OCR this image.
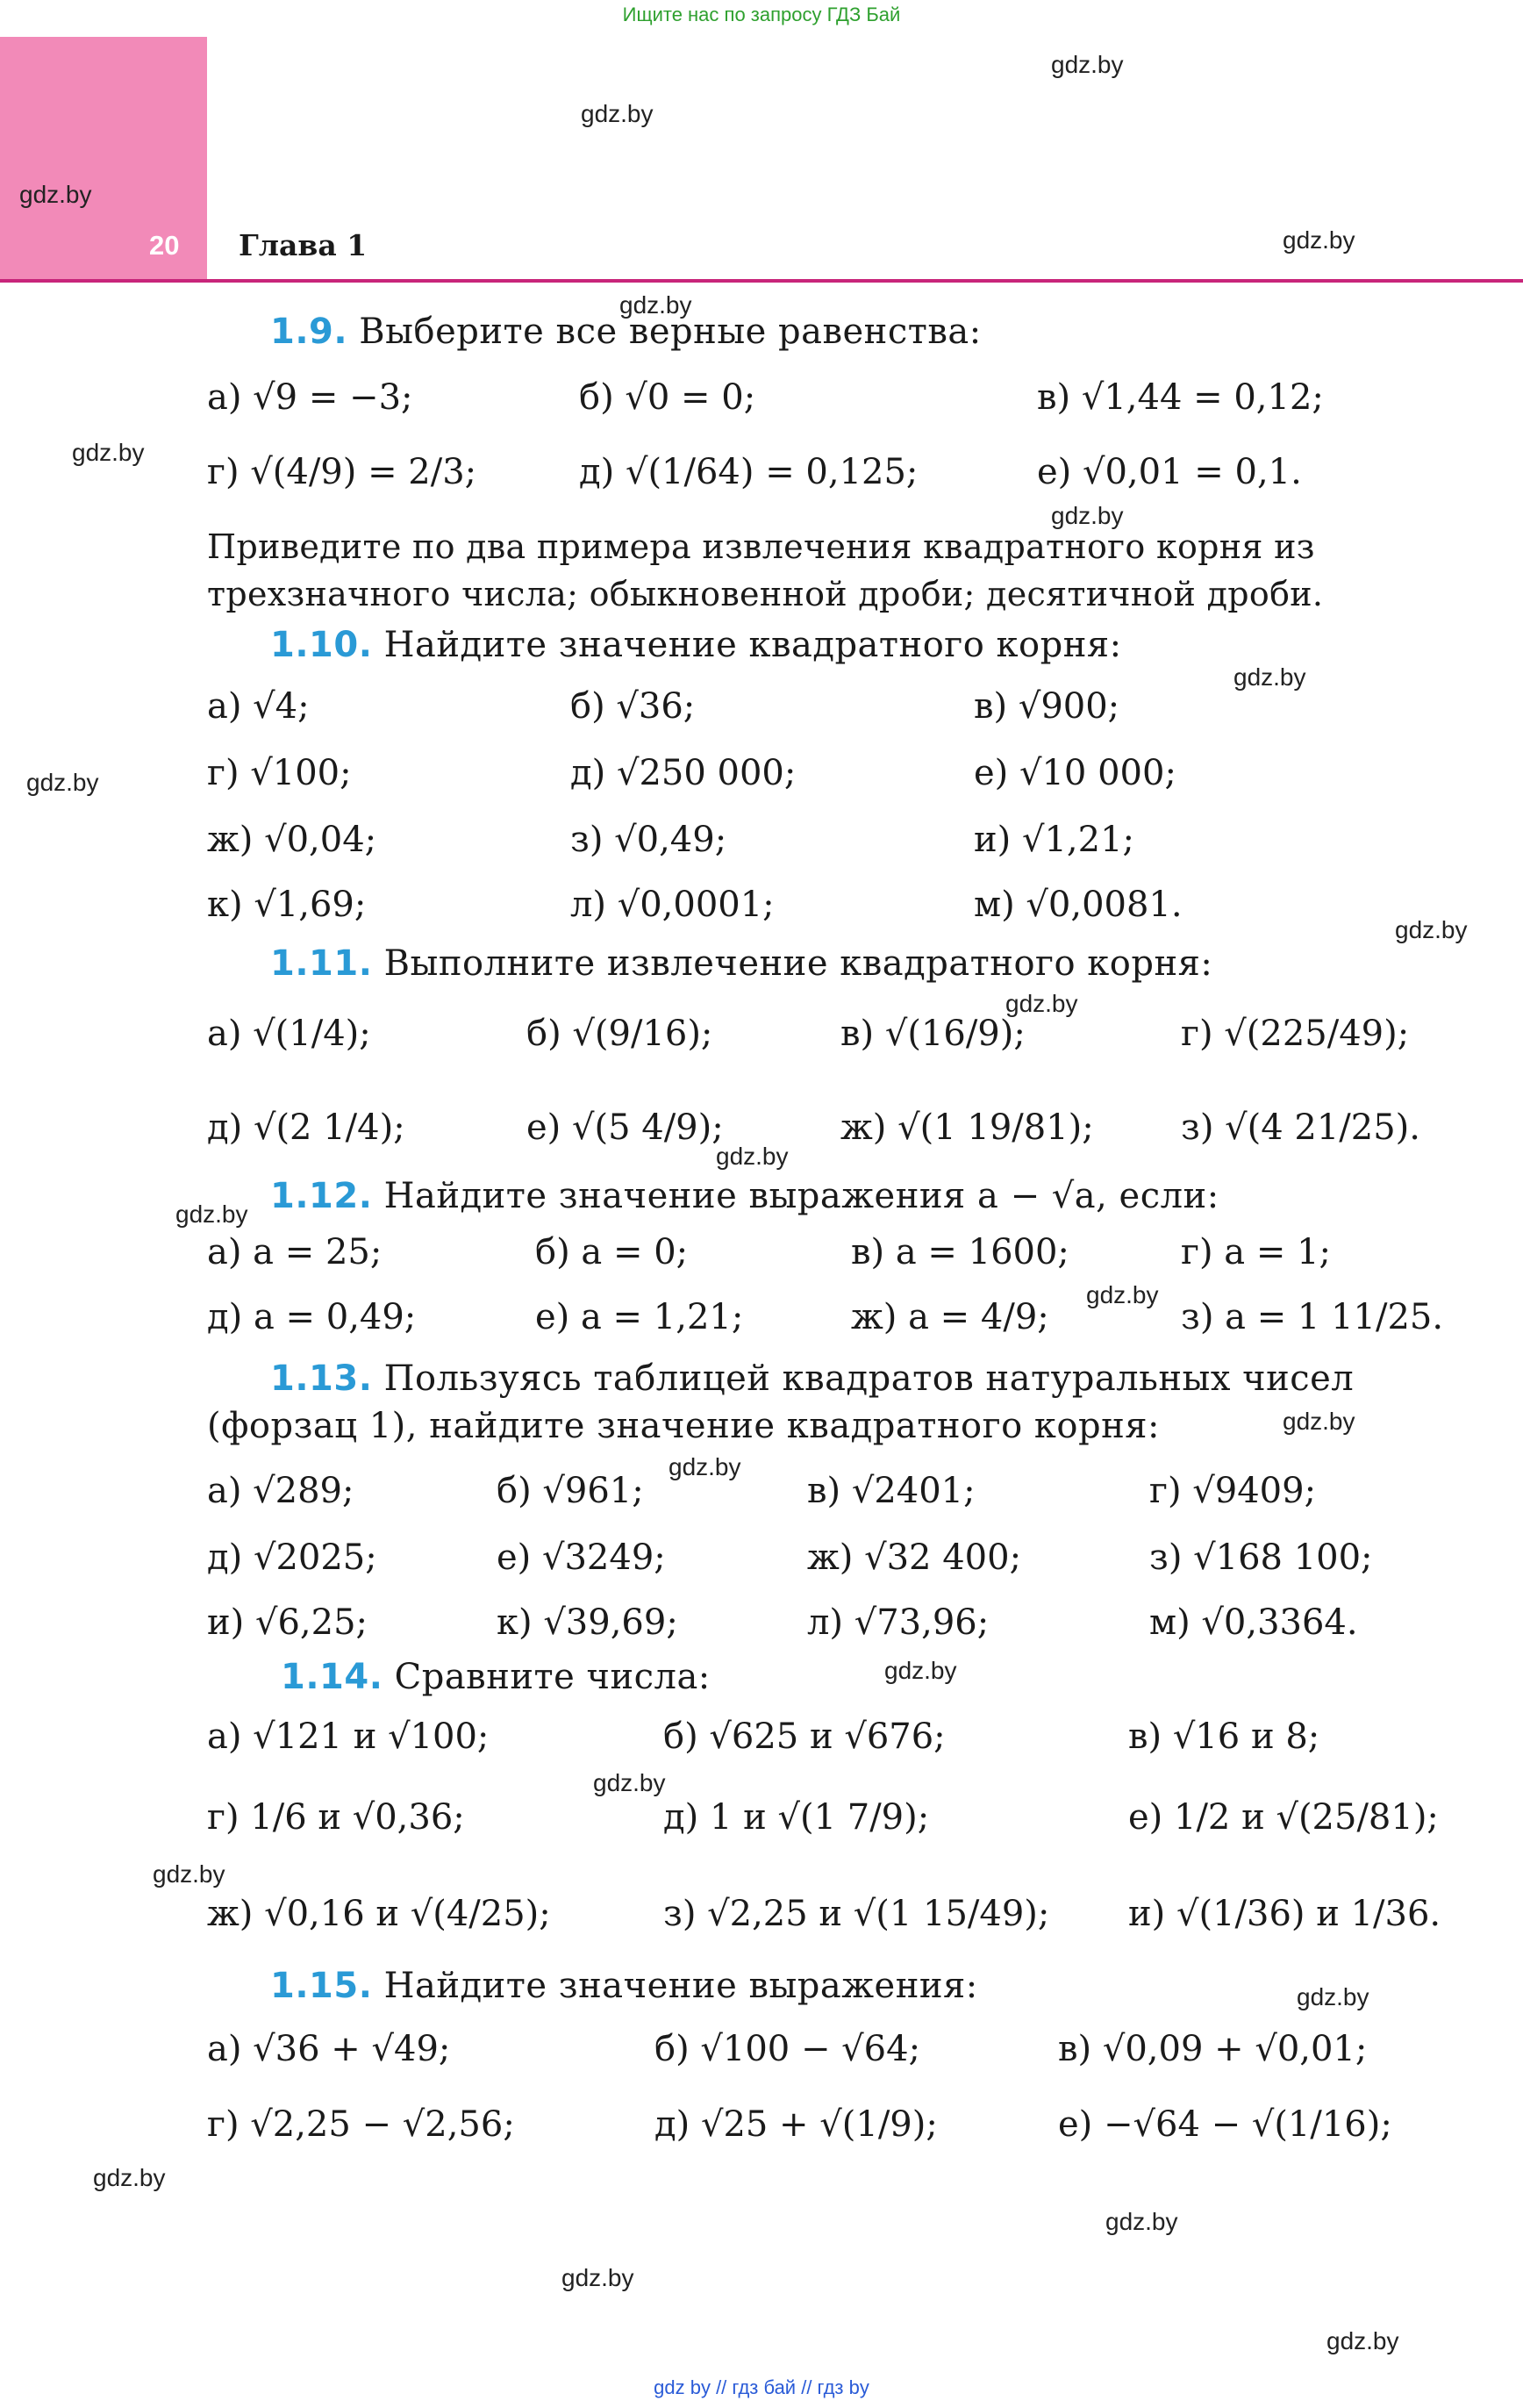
Ищите нас по запросу ГДЗ Бай
20 Глава 1
1.9. Выберите все верные равенства:
а) √9 = −3;	б) √0 = 0;	в) √1,44 = 0,12;
г) √(4/9) = 2/3;	д) √(1/64) = 0,125;	е) √0,01 = 0,1.
Приведите по два примера извлечения квадратного корня из трехзначного числа; обыкновенной дроби; десятичной дроби.
1.10. Найдите значение квадратного корня:
а) √4;	б) √36;	в) √900;
г) √100;	д) √250 000;	е) √10 000;
ж) √0,04;	з) √0,49;	и) √1,21;
к) √1,69;	л) √0,0001;	м) √0,0081.
1.11. Выполните извлечение квадратного корня:
а) √(1/4);	б) √(9/16);	в) √(16/9);	г) √(225/49);
д) √(2 1/4);	е) √(5 4/9);	ж) √(1 19/81); з) √(4 21/25).
1.12. Найдите значение выражения a − √a, если:
а) a = 25;	б) a = 0;	в) a = 1600;	г) a = 1;
д) a = 0,49;	е) a = 1,21;	ж) a = 4/9;	з) a = 1 11/25.
1.13. Пользуясь таблицей квадратов натуральных чисел
(форзац 1), найдите значение квадратного корня:
а) √289;	б) √961;	в) √2401;	г) √9409;
д) √2025;	е) √3249;	ж) √32 400;	з) √168 100;
и) √6,25;	к) √39,69;	л) √73,96;	м) √0,3364.
1.14. Сравните числа:
а) √121 и √100;	б) √625 и √676;	в) √16 и 8;
г) 1/6 и √0,36;	д) 1 и √(1 7/9);	е) 1/2 и √(25/81);
ж) √0,16 и √(4/25);	з) √2,25 и √(1 15/49); и) √(1/36) и 1/36.
1.15. Найдите значение выражения:
а) √36 + √49;	б) √100 − √64;	в) √0,09 + √0,01;
г) √2,25 − √2,56;	д) √25 + √(1/9);	е) −√64 − √(1/16);
gdz.by
gdz.by
gdz.by
gdz.by
gdz.by
gdz.by
gdz.by
gdz.by
gdz.by
gdz.by
gdz.by
gdz.by
gdz.by
gdz.by
gdz.by
gdz.by
gdz.by
gdz.by
gdz.by
gdz.by
gdz.by
gdz.by
gdz.by
gdz.by
gdz by // гдз бай // гдз by
